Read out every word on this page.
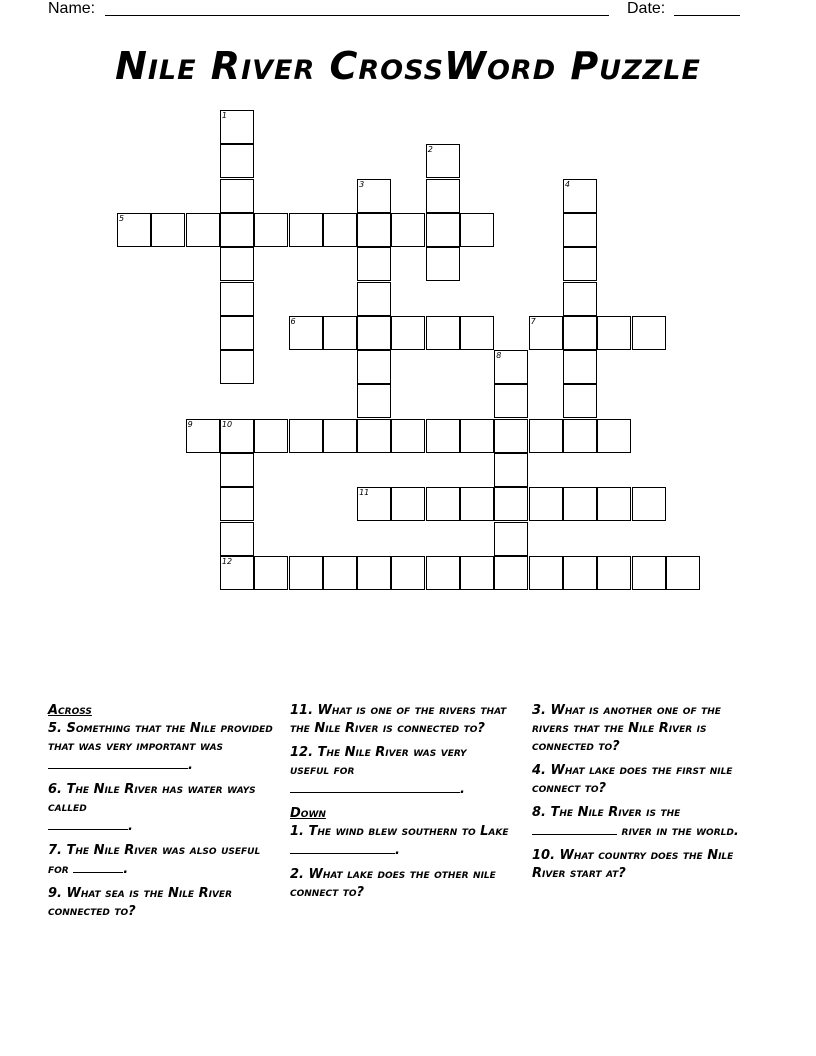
Name:	Date:
Nile River CrossWord Puzzle
5
6	7
9	10
11
12
1
2
3	4
8
Across
5. Something that the Nile provided that was very important was
.
6. The Nile River has water ways called
.
7. The Nile River was also useful for	.
9. What sea is the Nile River connected to?
11. What is one of the rivers that the Nile River is connected to?
12. The Nile River was very useful for
.
Down
1. The wind blew southern to Lake
.
2. What lake does the other nile connect to?
3. What is another one of the rivers that the Nile River is connected to?
4. What lake does the first nile connect to?
8. The Nile River is the  river in the world.
10. What country does the Nile River start at?
